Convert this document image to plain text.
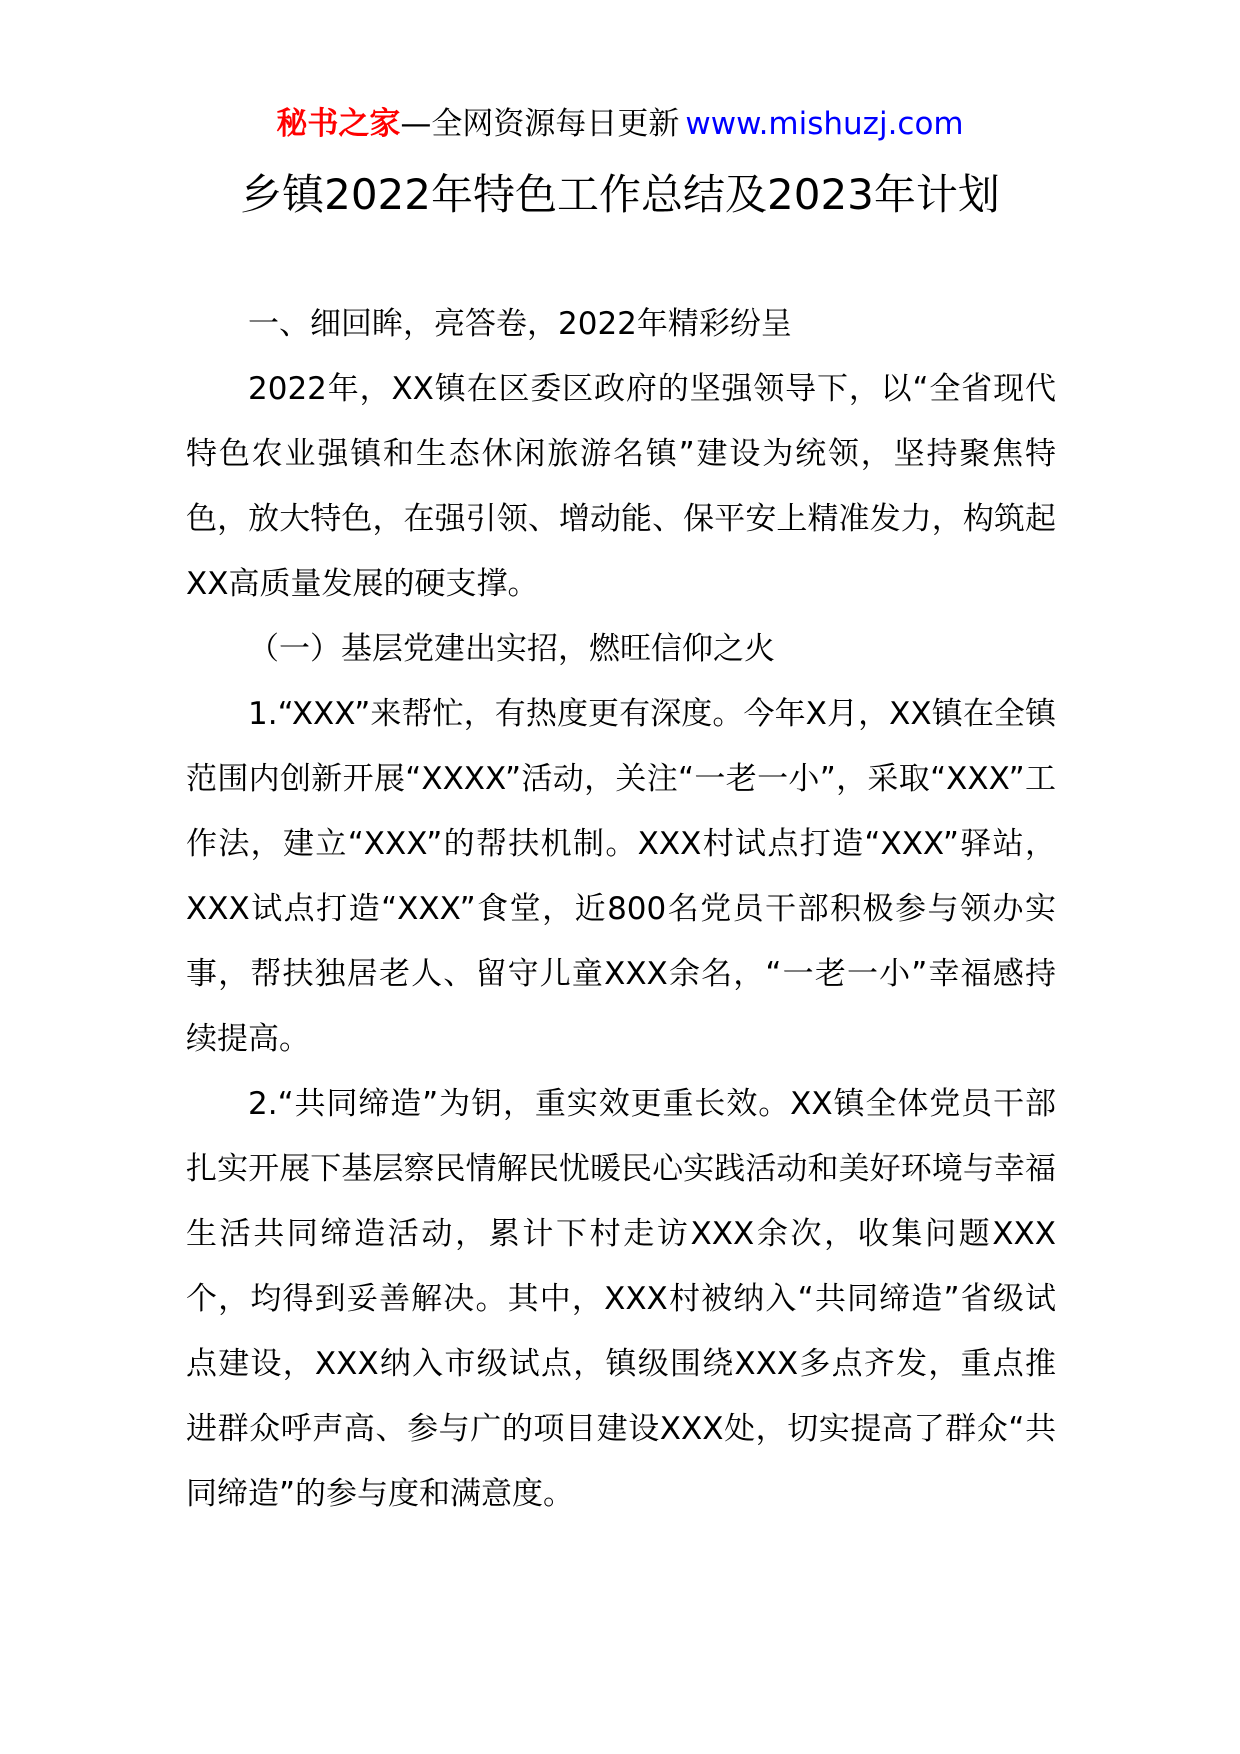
秘书之家—全网资源每日更新 www.mishuzj.com
乡镇2022年特色工作总结及2023年计划

一、细回眸，亮答卷，2022年精彩纷呈

2022年，XX镇在区委区政府的坚强领导下，以“全省现代特色农业强镇和生态休闲旅游名镇”建设为统领，坚持聚焦特色，放大特色，在强引领、增动能、保平安上精准发力，构筑起XX高质量发展的硬支撑。

（一）基层党建出实招，燃旺信仰之火

1.“XXX”来帮忙，有热度更有深度。今年X月，XX镇在全镇范围内创新开展“XXXX”活动，关注“一老一小”，采取“XXX”工作法，建立“XXX”的帮扶机制。XXX村试点打造“XXX”驿站，XXX试点打造“XXX”食堂，近800名党员干部积极参与领办实事，帮扶独居老人、留守儿童XXX余名，“一老一小”幸福感持续提高。

2.“共同缔造”为钥，重实效更重长效。XX镇全体党员干部扎实开展下基层察民情解民忧暖民心实践活动和美好环境与幸福生活共同缔造活动，累计下村走访XXX余次，收集问题XXX个，均得到妥善解决。其中，XXX村被纳入“共同缔造”省级试点建设，XXX纳入市级试点，镇级围绕XXX多点齐发，重点推进群众呼声高、参与广的项目建设XXX处，切实提高了群众“共同缔造”的参与度和满意度。
